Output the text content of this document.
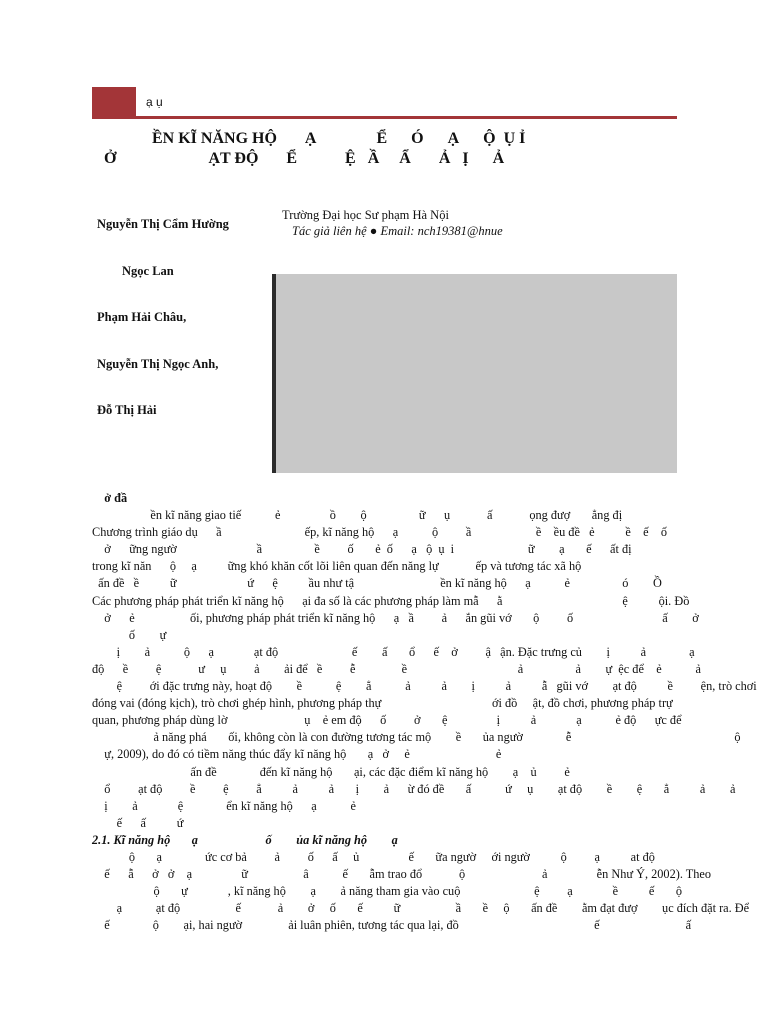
ạ ụ
ỀN KĨ NĂNG HỘ       Ạ               Ể      Ó      Ạ      Ộ  Ụ Ỉ
Ở                       ẠT ĐỘ       Ể            Ệ   Ầ     Ẩ       Ả   Ị      Ả

Nguyễn Thị Cẩm Hường

Ngọc Lan

Phạm Hải Châu,

Nguyễn Thị Ngọc Anh,

Đỗ Thị Hải

Trường Đại học Sư phạm Hà Nội
Tác giả liên hệ ● Email: nch19381@hnue

ở đầ

ền kĩ năng giao tiế           ẻ                ồ        ộ                 ữ      ụ            ấ            ọng đượ       ẳng đị

Chương trình giáo dụ      ầ                           ếp, kĩ năng hộ      ạ           ộ         ầ                     ề    ều đề   ẻ          ề    ế    ố

ở      ững ngườ                          ầ                 ề         ố       ẻ  ố      ạ   ộ  ụ  i                        ữ        ạ       ế      ất đị

trong kĩ năn      ộ     ạ          ững khó khăn cốt lõi liên quan đến năng lự            ếp và tương tác xã hộ

ấn đề   ề          ữ                       ứ      ệ          ầu như tậ                            ền kĩ năng hộ      ạ           ẻ                 ó        Ồ

Các phương pháp phát triển kĩ năng hộ      ại đa số là các phương pháp làm mẫ      ằ                                       ệ          ội. Đồ

ở      ẻ                  ối, phương pháp phát triển kĩ năng hộ      ạ   ầ         ả      ắn gũi vớ       ộ         ố                             ấ        ở

ố        ự

ị        ả           ộ      ạ             ạt độ                        ế        ấ       ổ      ế    ở         ậ   ận. Đặc trưng củ        ị          ả              ạ

độ      ề         ệ            ư     ụ         ả        ải để   ề         ễ               ề                                    ả                 ả        ự  ệc để    ẻ           ả

ệ         ới đặc trưng này, hoạt độ        ề           ệ        ẳ           ả          ả        ị          ả          ẫ   gũi vớ        ạt độ          ề         ện, trò chơi

đóng vai (đóng kịch), trò chơi ghép hình, phương pháp thự                                    ới đồ     ật, đồ chơi, phương pháp trự

quan, phương pháp dùng lờ                         ụ    ẻ em độ      ố         ở       ệ                ị          ả             ạ           ẻ độ      ực để

ả năng phá       ối, không còn là con đường tương tác mộ        ề       ủa ngườ              ễ                                                     ộ

ự, 2009), do đó có tiềm năng thúc đẩy kĩ năng hộ       ạ   ở     ẻ                            ẻ

ấn đề              đến kĩ năng hộ       ại, các đặc điểm kĩ năng hộ        ạ    ủ         ẻ

ổ         ạt độ         ề         ệ         ẳ          ả          ả       ị        ả      ừ đó đề       ấ           ứ     ụ        ạt độ        ề        ệ       ẳ          ả        ả

ị        ả             ệ              ển kĩ năng hộ      ạ           ẻ

ế      ấ          ứ

2.1. Kĩ năng hộ       ạ                      ố        ủa kĩ năng hộ        ạ

ộ       ạ              ức cơ bả         ả         ố      ấ     ủ                ế       ữa ngườ     ới ngườ          ộ         ạ          at độ

ế      ẫ      ở   ở    ạ                ữ                  â           ế       ẫm trao đổ            ộ                         ả                ễn Như Ý, 2002). Theo

ộ       ự             , kĩ năng hộ        ạ        ả năng tham gia vào cuộ                        ệ         ạ             ề          ế       ộ

ạ           ạt độ                  ế            ả        ở     ố       ế          ữ                  ầ       ề     ộ       ấn đề        ằm đạt đượ        ục đích đặt ra. Để

ế              ộ        ại, hai ngườ               ải luân phiên, tương tác qua lại, đồ                                            ế                            ấ
